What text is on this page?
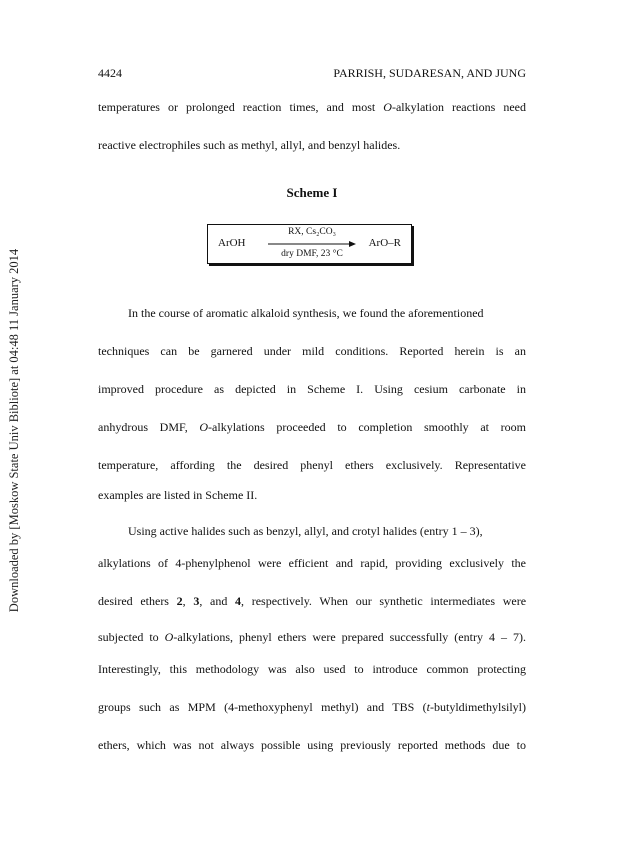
Downloaded by [Moskow State Univ Bibliote] at 04:48 11 January 2014
4424	PARRISH, SUDARESAN, AND JUNG
temperatures or prolonged reaction times, and most O-alkylation reactions need
reactive electrophiles such as methyl, allyl, and benzyl halides.
Scheme I
ArOH
RX, Cs₂CO₃
dry DMF, 23 °C
ArO–R
In the course of aromatic alkaloid synthesis, we found the aforementioned
techniques can be garnered under mild conditions. Reported herein is an
improved procedure as depicted in Scheme I. Using cesium carbonate in
anhydrous DMF, O-alkylations proceeded to completion smoothly at room
temperature, affording the desired phenyl ethers exclusively. Representative
examples are listed in Scheme II.
Using active halides such as benzyl, allyl, and crotyl halides (entry 1 – 3),
alkylations of 4-phenylphenol were efficient and rapid, providing exclusively the
desired ethers 2, 3, and 4, respectively. When our synthetic intermediates were
subjected to O-alkylations, phenyl ethers were prepared successfully (entry 4 – 7).
Interestingly, this methodology was also used to introduce common protecting
groups such as MPM (4-methoxyphenyl methyl) and TBS (t-butyldimethylsilyl)
ethers, which was not always possible using previously reported methods due to
